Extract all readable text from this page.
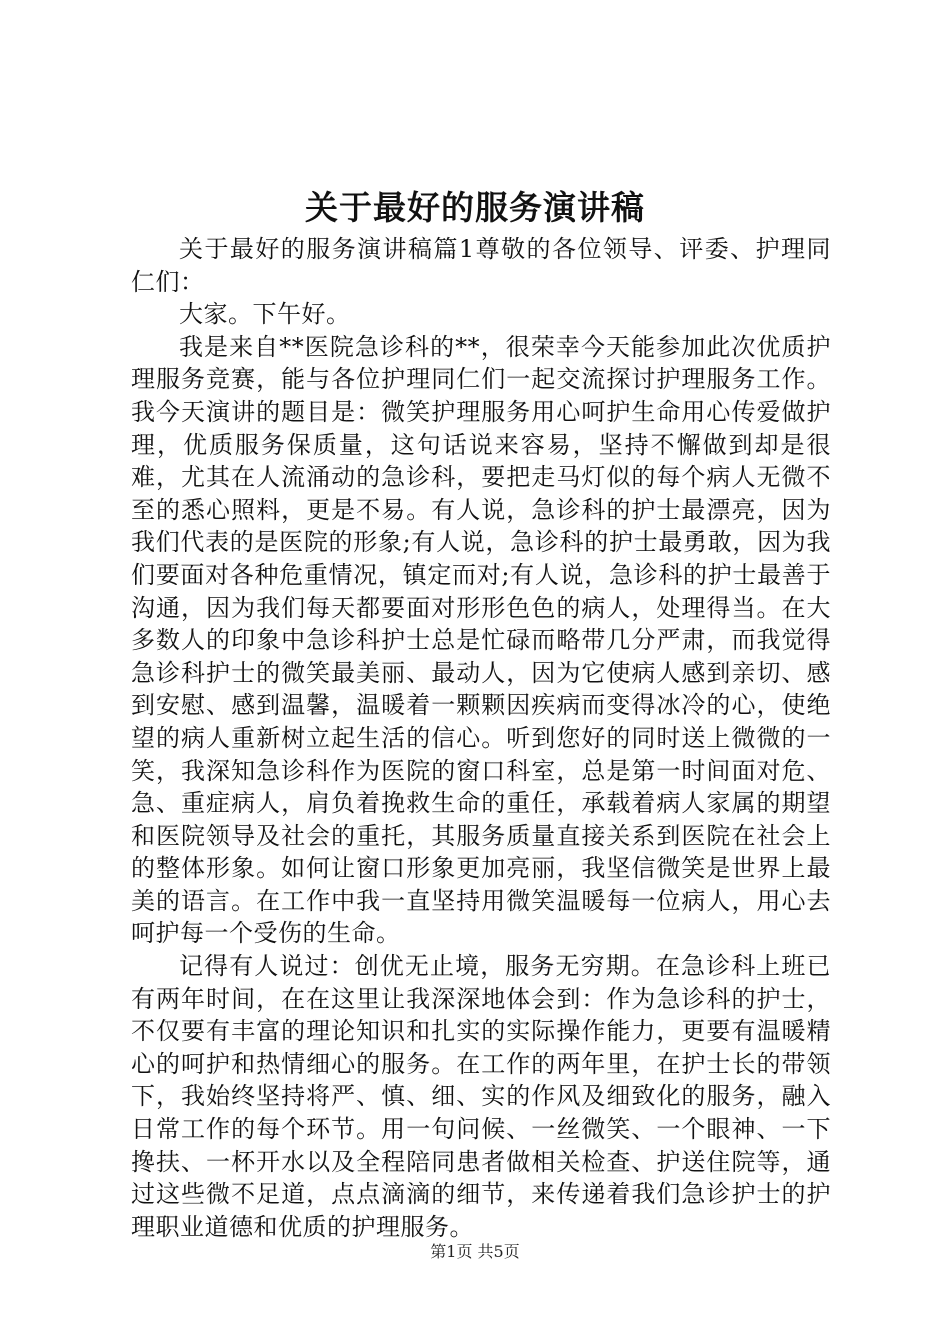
关于最好的服务演讲稿

关于最好的服务演讲稿篇1尊敬的各位领导、评委、护理同仁们：

大家。下午好。

我是来自**医院急诊科的**，很荣幸今天能参加此次优质护理服务竞赛，能与各位护理同仁们一起交流探讨护理服务工作。我今天演讲的题目是：微笑护理服务用心呵护生命用心传爱做护理，优质服务保质量，这句话说来容易，坚持不懈做到却是很难，尤其在人流涌动的急诊科，要把走马灯似的每个病人无微不至的悉心照料，更是不易。有人说，急诊科的护士最漂亮，因为我们代表的是医院的形象;有人说，急诊科的护士最勇敢，因为我们要面对各种危重情况，镇定而对;有人说，急诊科的护士最善于沟通，因为我们每天都要面对形形色色的病人，处理得当。在大多数人的印象中急诊科护士总是忙碌而略带几分严肃，而我觉得急诊科护士的微笑最美丽、最动人，因为它使病人感到亲切、感到安慰、感到温馨，温暖着一颗颗因疾病而变得冰冷的心，使绝望的病人重新树立起生活的信心。听到您好的同时送上微微的一笑，我深知急诊科作为医院的窗口科室，总是第一时间面对危、急、重症病人，肩负着挽救生命的重任，承载着病人家属的期望和医院领导及社会的重托，其服务质量直接关系到医院在社会上的整体形象。如何让窗口形象更加亮丽，我坚信微笑是世界上最美的语言。在工作中我一直坚持用微笑温暖每一位病人，用心去呵护每一个受伤的生命。

记得有人说过：创优无止境，服务无穷期。在急诊科上班已有两年时间，在在这里让我深深地体会到：作为急诊科的护士，不仅要有丰富的理论知识和扎实的实际操作能力，更要有温暖精心的呵护和热情细心的服务。在工作的两年里，在护士长的带领下，我始终坚持将严、慎、细、实的作风及细致化的服务，融入日常工作的每个环节。用一句问候、一丝微笑、一个眼神、一下搀扶、一杯开水以及全程陪同患者做相关检查、护送住院等，通过这些微不足道，点点滴滴的细节，来传递着我们急诊护士的护理职业道德和优质的护理服务。

第1页 共5页
